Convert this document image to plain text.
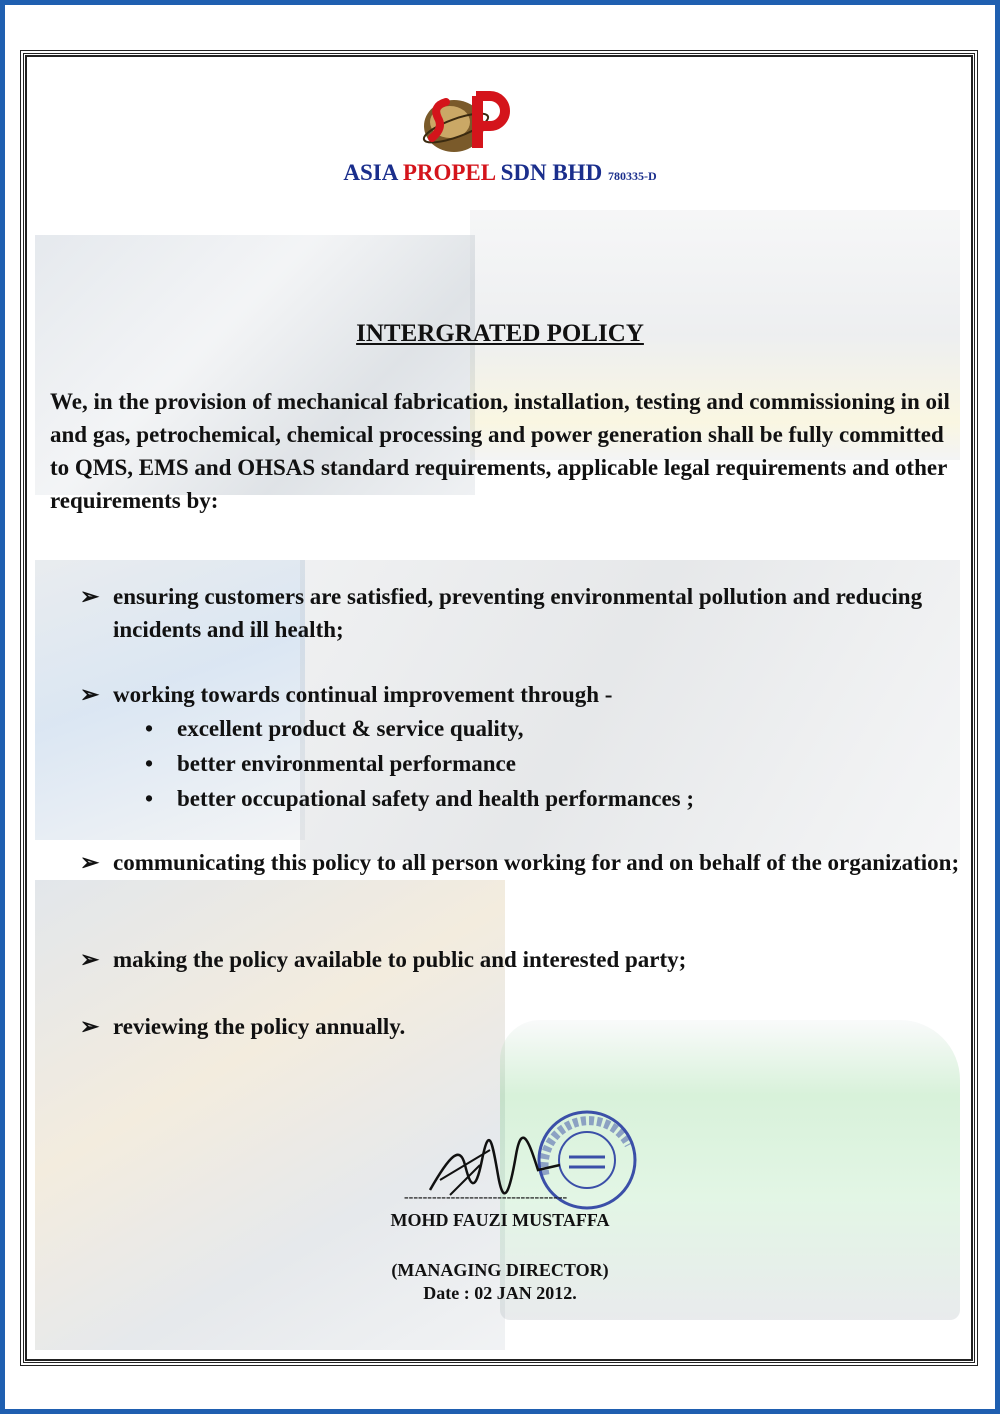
ASIA PROPEL SDN BHD 780335-D
INTERGRATED POLICY
We, in the provision of mechanical fabrication, installation, testing and commissioning in oil and gas, petrochemical, chemical processing and power generation shall be fully committed to QMS, EMS and OHSAS standard requirements, applicable legal requirements and other requirements by:
➢ ensuring customers are satisfied, preventing environmental pollution and reducing incidents and ill health;
➢ working towards continual improvement through -
•	excellent product & service quality,
•	better environmental performance
•	better occupational safety and health performances ;
➢ communicating this policy to all person working for and on behalf of the organization;
➢ making the policy available to public and interested party;
➢ reviewing the policy annually.
-----------------------------------
MOHD FAUZI MUSTAFFA
(MANAGING DIRECTOR)
Date : 02 JAN 2012.
